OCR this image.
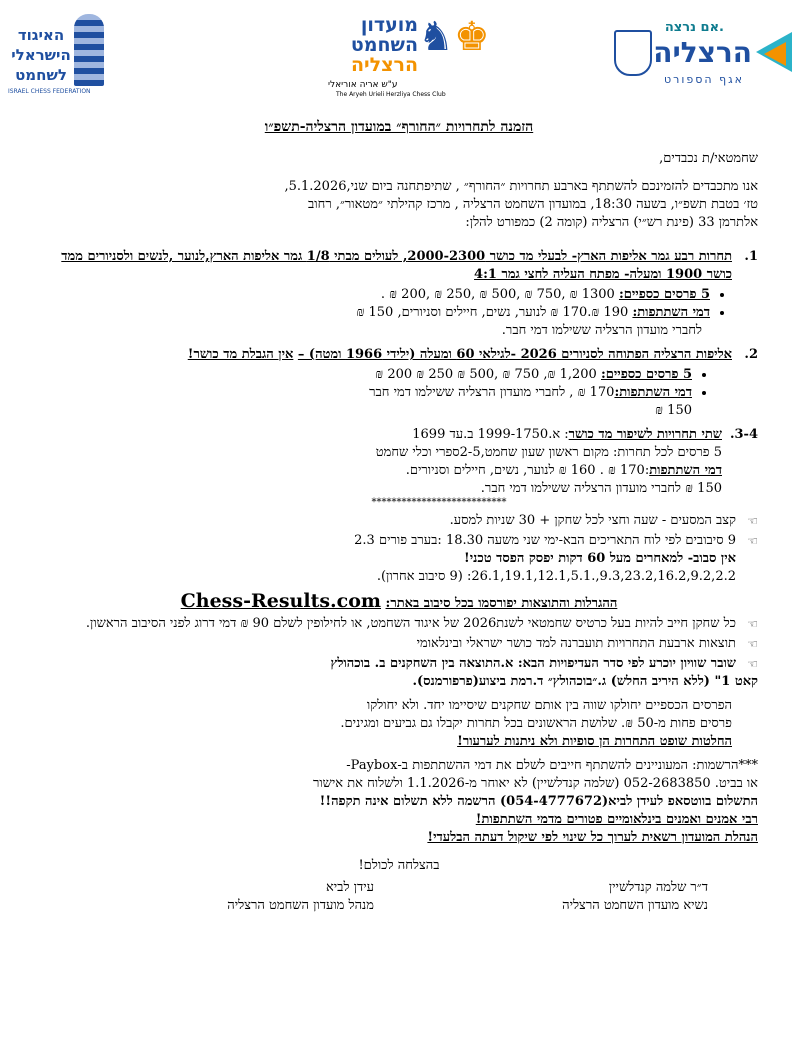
האיגוד
הישראלי
לשחמט
ISRAEL CHESS FEDERATION
מועדון
השחמט
הרצליה
♞♚
ע"ש אריה אוריאלי
The Aryeh Urieli Herzliya Chess Club
אם נרצה.
הרצליה
אגף הספורט
הזמנה לתחרויות ״החורף״ במועדון הרצליה-תשפ״ו

שחמטאי/ת נכבדים,

אנו מתכבדים להזמינכם להשתתף בארבע תחרויות ״החורף״ , שתיפתחנה ביום שני,5.1.2026,

טז׳ בטבת תשפ״ו, בשעה 18:30, במועדון השחמט הרצליה , מרכז קהילתי ״מטאור״, רחוב

אלתרמן 33 (פינת רש״י) הרצליה (קומה 2) כמפורט להלן:

1.

תחרות רבע גמר אליפות הארץ- לבעלי מד כושר 2000-2300, לעולים מבתי 1/8 גמר אליפות הארץ,לנוער ,לנשים ולסניורים ממד כושר 1900 ומעלה- מפתח העליה לחצי גמר 4:1

• 5 פרסים כספיים: 1300 ₪ ,750 ₪ ,500 ₪ ,250 ₪ ,200 ₪ .
• דמי השתתפות: 190 ₪.170 ₪ לנוער, נשים, חיילים וסניורים, 150 ₪

לחברי מועדון הרצליה ששילמו דמי חבר.

2.

אליפות הרצליה הפתוחה לסניורים 2026 -לגילאי 60 ומעלה (ילידי 1966 ומטה) – אין הגבלת מד כושר!

• 5 פרסים כספיים: 1,200 ₪, 750 ₪ ,500 ₪ 250 ₪ 200 ₪
• דמי השתתפות:170 ₪ , לחברי מועדון הרצליה ששילמו דמי חבר

150 ₪

3-4.

שתי תחרויות לשיפור מד כושר: א.1999-1750 ב.עד 1699

5 פרסים לכל תחרות: מקום ראשון שעון שחמט,2-5ספרי וכלי שחמט

דמי השתתפות:170 ₪ . 160 ₪ לנוער, נשים, חיילים וסניורים.

150 ₪ לחברי מועדון הרצליה ששילמו דמי חבר.

***************************
☜
קצב המסעים - שעה וחצי לכל שחקן + 30 שניות למסע.
☜
9 סיבובים לפי לוח התאריכים הבא-ימי שני משעה 18.30 :בערב פורים 2.3

אין סבוב- למאחרים מעל 60 דקות יפסק הפסד טכני!

9.3,23.2,16.2,9.2,2.2,.26.1,19.1,12.1,5.1: (9 סיבוב אחרון).

ההגרלות והתוצאות יפורסמו בכל סיבוב באתר: Chess-Results.com
☜
כל שחקן חייב להיות בעל כרטיס שחמטאי לשנת2026 של איגוד השחמט, או לחילופין לשלם 90 ₪ דמי דרוג לפני הסיבוב הראשון.
☜
תוצאות ארבעת התחרויות תועברנה למד כושר ישראלי ובינלאומי
☜
שובר שוויון יוכרע לפי סדר העדיפויות הבא: א.התוצאה בין השחקנים ב. בוכהולץ

קאט 1" (ללא היריב החלש) ג.״בוכהולץ״ ד.רמת ביצוע(פרפורמנס).

הפרסים הכספיים יחולקו שווה בין אותם שחקנים שיסיימו יחד. ולא יחולקו

פרסים פחות מ-50 ₪. שלושת הראשונים בכל תחרות יקבלו גם גביעים ומגינים.

החלטות שופט התחרות הן סופיות ולא ניתנות לערעור!

***הרשמות: המעוניינים להשתתף חייבים לשלם את דמי ההשתתפות ב-Paybox-

או בביט. 052-2683850 (שלמה קנדלשיין) לא יאוחר מ-1.1.2026 ולשלוח את אישור

התשלום בווטסאפ לעידן לביא(054-4777672) הרשמה ללא תשלום אינה תקפה!!

רבי אמנים ואמנים בינלאומיים פטורים מדמי השתתפות!

הנהלת המועדון רשאית לערוך כל שינוי לפי שיקול דעתה הבלעדי!

בהצלחה לכולם!

ד״ר שלמה קנדלשיין

נשיא מועדון השחמט הרצליה

עידן לביא

מנהל מועדון השחמט הרצליה
